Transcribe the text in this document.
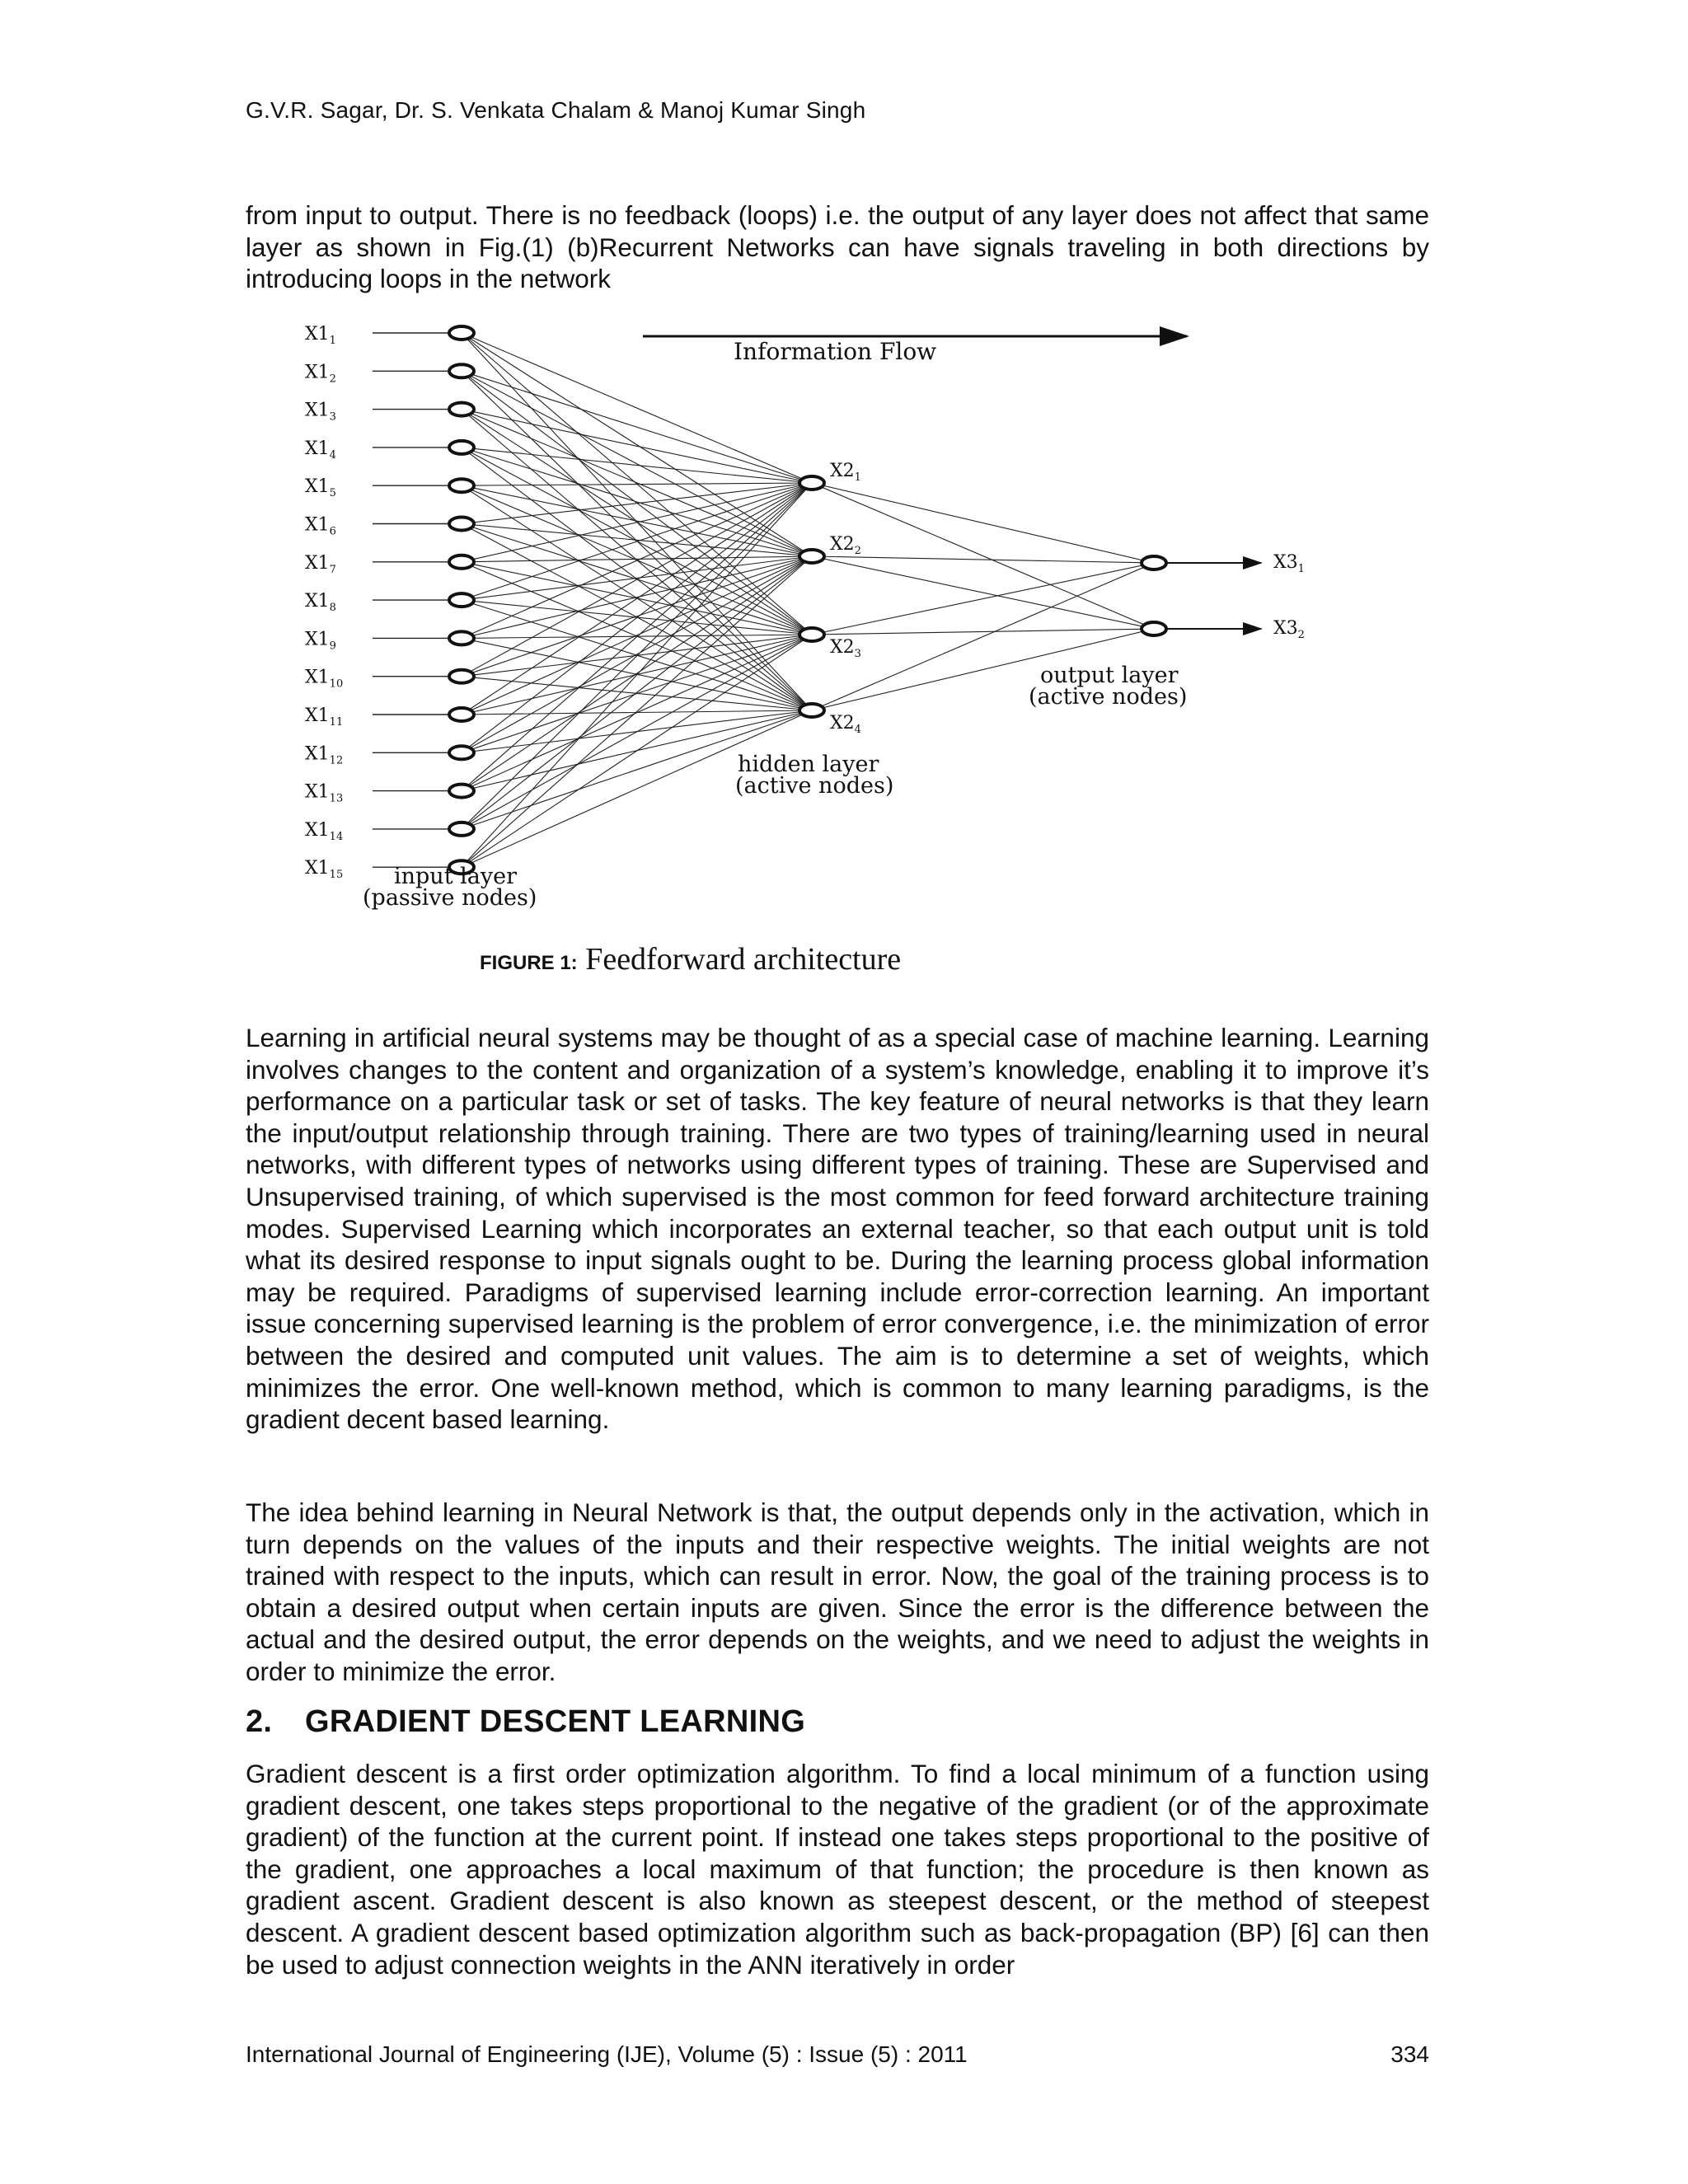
G.V.R. Sagar, Dr. S. Venkata Chalam & Manoj Kumar Singh

from input to output. There is no feedback (loops) i.e. the output of any layer does not affect that same layer as shown in Fig.(1) (b)Recurrent Networks can have signals traveling in both directions by introducing loops in the network

$X1_1$
$X1_2$
$X1_3$
$X1_4$
$X1_5$
$X1_6$
$X1_7$
$X1_8$
$X1_9$
$X1_{10}$
$X1_{11}$
$X1_{12}$
$X1_{13}$
$X1_{14}$
$X1_{15}$
$X2_1$
$X2_2$
$X2_3$
$X2_4$
$X3_1$
$X3_2$
Information Flow
input layer
(passive nodes)
hidden layer
(active nodes)
output layer
(active nodes)
FIGURE 1: Feedforward architecture

Learning in artificial neural systems may be thought of as a special case of machine learning. Learning involves changes to the content and organization of a system’s knowledge, enabling it to improve it’s performance on a particular task or set of tasks. The key feature of neural networks is that they learn the input/output relationship through training. There are two types of training/learning used in neural networks, with different types of networks using different types of training. These are Supervised and Unsupervised training, of which supervised is the most common for feed forward architecture training modes. Supervised Learning which incorporates an external teacher, so that each output unit is told what its desired response to input signals ought to be. During the learning process global information may be required. Paradigms of supervised learning include error-correction learning. An important issue concerning supervised learning is the problem of error convergence, i.e. the minimization of error between the desired and computed unit values. The aim is to determine a set of weights, which minimizes the error. One well-known method, which is common to many learning paradigms, is the gradient decent based learning.

The idea behind learning in Neural Network is that, the output depends only in the activation, which in turn depends on the values of the inputs and their respective weights. The initial weights are not trained with respect to the inputs, which can result in error. Now, the goal of the training process is to obtain a desired output when certain inputs are given. Since the error is the difference between the actual and the desired output, the error depends on the weights, and we need to adjust the weights in order to minimize the error.

2. GRADIENT DESCENT LEARNING

Gradient descent is a first order optimization algorithm. To find a local minimum of a function using gradient descent, one takes steps proportional to the negative of the gradient (or of the approximate gradient) of the function at the current point. If instead one takes steps proportional to the positive of the gradient, one approaches a local maximum of that function; the procedure is then known as gradient ascent. Gradient descent is also known as steepest descent, or the method of steepest descent. A gradient descent based optimization algorithm such as back-propagation (BP) [6] can then be used to adjust connection weights in the ANN iteratively in order

International Journal of Engineering (IJE), Volume (5) : Issue (5) : 2011	334
